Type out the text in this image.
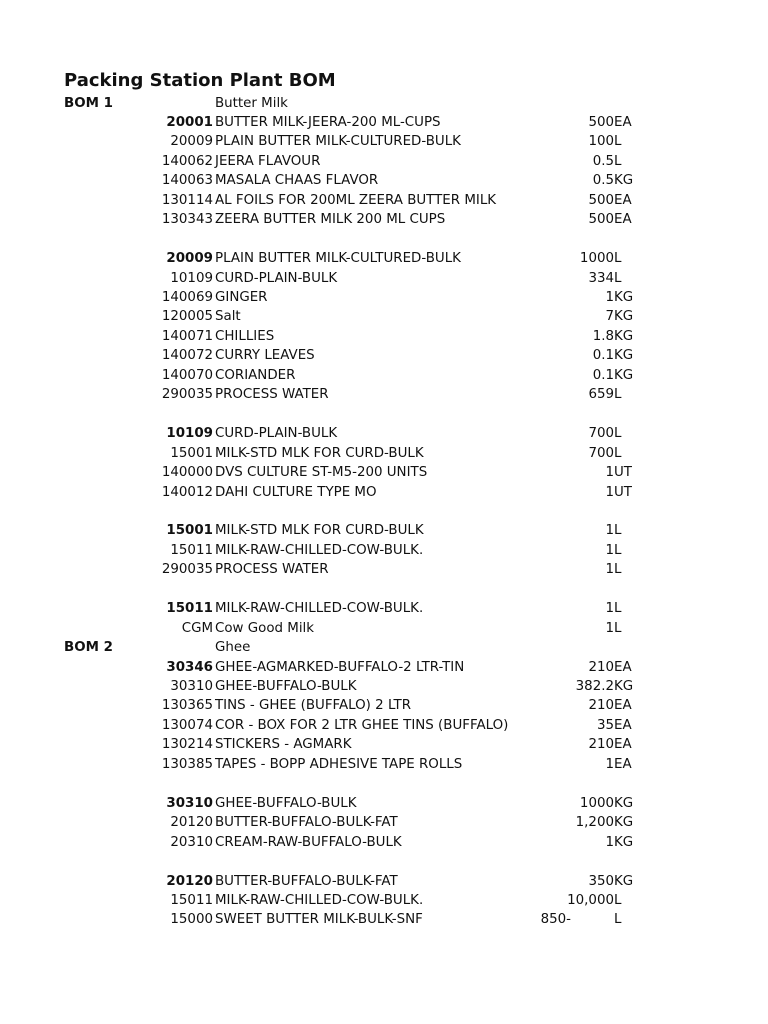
Packing Station Plant BOM
BOM 1	Butter Milk
20001 BUTTER MILK-JEERA-200 ML-CUPS	500 EA
20009 PLAIN BUTTER MILK-CULTURED-BULK	100 L
140062 JEERA FLAVOUR	0.5 L
140063 MASALA CHAAS FLAVOR	0.5 KG
130114 AL FOILS FOR 200ML ZEERA BUTTER MILK	500 EA
130343 ZEERA BUTTER MILK 200 ML CUPS	500 EA
20009 PLAIN BUTTER MILK-CULTURED-BULK	1000 L
10109 CURD-PLAIN-BULK	334 L
140069 GINGER	1 KG
120005 Salt	7 KG
140071 CHILLIES	1.8 KG
140072 CURRY LEAVES	0.1 KG
140070 CORIANDER	0.1 KG
290035 PROCESS WATER	659 L
10109 CURD-PLAIN-BULK	700 L
15001 MILK-STD MLK FOR CURD-BULK	700 L
140000 DVS CULTURE ST-M5-200 UNITS	1 UT
140012 DAHI CULTURE TYPE MO	1 UT
15001 MILK-STD MLK FOR CURD-BULK	1 L
15011 MILK-RAW-CHILLED-COW-BULK.	1 L
290035 PROCESS WATER	1 L
15011 MILK-RAW-CHILLED-COW-BULK.	1 L
CGM Cow Good Milk	1 L
BOM 2	Ghee
30346 GHEE-AGMARKED-BUFFALO-2 LTR-TIN	210 EA
30310 GHEE-BUFFALO-BULK	382.2 KG
130365 TINS - GHEE (BUFFALO) 2 LTR	210 EA
130074 COR - BOX FOR 2 LTR GHEE TINS (BUFFALO)	35 EA
130214 STICKERS - AGMARK	210 EA
130385 TAPES - BOPP ADHESIVE TAPE ROLLS	1 EA
30310 GHEE-BUFFALO-BULK	1000 KG
20120 BUTTER-BUFFALO-BULK-FAT	1,200 KG
20310 CREAM-RAW-BUFFALO-BULK	1 KG
20120 BUTTER-BUFFALO-BULK-FAT	350 KG
15011 MILK-RAW-CHILLED-COW-BULK.	10,000 L
15000 SWEET BUTTER MILK-BULK-SNF	850-	L
